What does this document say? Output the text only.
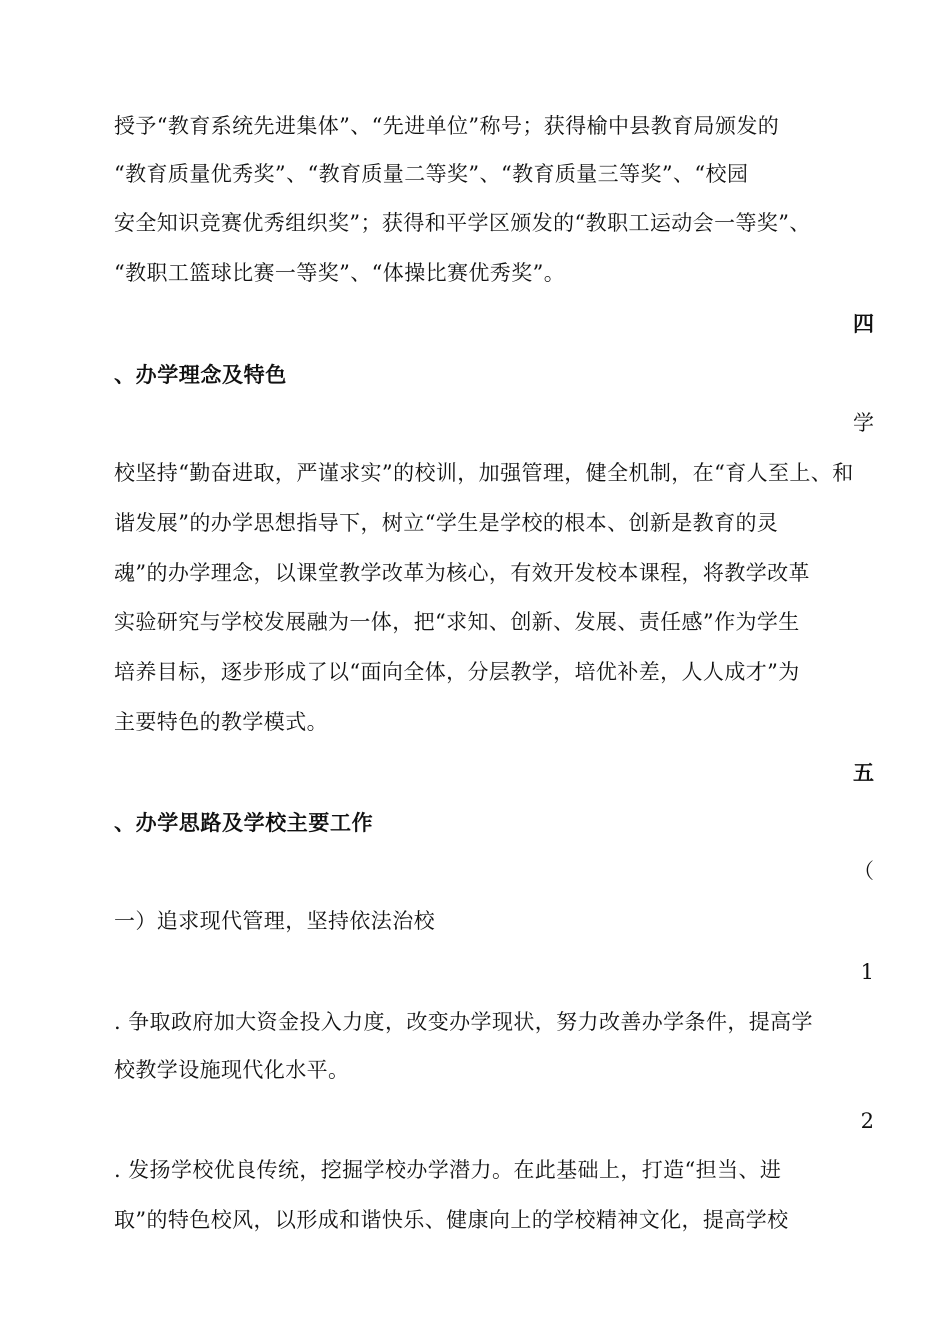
授予“教育系统先进集体”、“先进单位”称号；获得榆中县教育局颁发的
“教育质量优秀奖”、“教育质量二等奖”、“教育质量三等奖”、“校园
安全知识竞赛优秀组织奖”；获得和平学区颁发的“教职工运动会一等奖”、
“教职工篮球比赛一等奖”、“体操比赛优秀奖”。
四
、办学理念及特色
学
校坚持“勤奋进取，严谨求实”的校训，加强管理，健全机制，在“育人至上、和
谐发展”的办学思想指导下，树立“学生是学校的根本、创新是教育的灵
魂”的办学理念，以课堂教学改革为核心，有效开发校本课程，将教学改革
实验研究与学校发展融为一体，把“求知、创新、发展、责任感”作为学生
培养目标，逐步形成了以“面向全体，分层教学，培优补差，人人成才”为
主要特色的教学模式。
五
、办学思路及学校主要工作
（
一）追求现代管理，坚持依法治校
1
. 争取政府加大资金投入力度，改变办学现状，努力改善办学条件，提高学
校教学设施现代化水平。
2
. 发扬学校优良传统，挖掘学校办学潜力。在此基础上，打造“担当、进
取”的特色校风，以形成和谐快乐、健康向上的学校精神文化，提高学校
